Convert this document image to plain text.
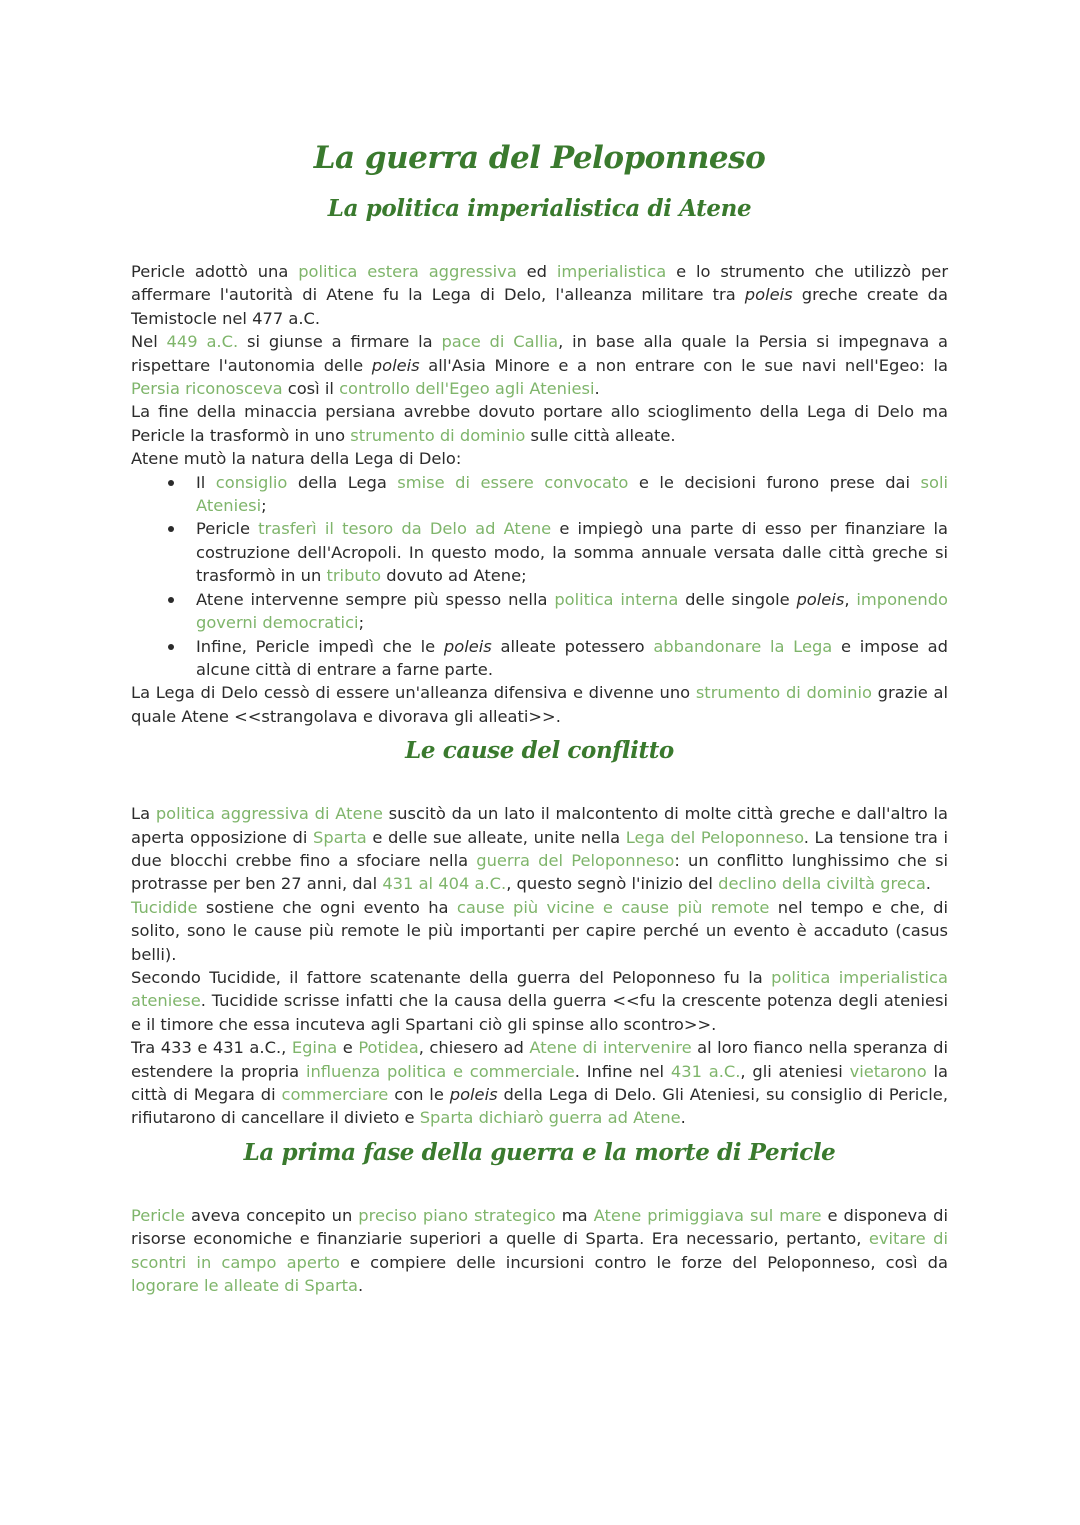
La guerra del Peloponneso
La politica imperialistica di Atene

Pericle adottò una politica estera aggressiva ed imperialistica e lo strumento che utilizzò per affermare l'autorità di Atene fu la Lega di Delo, l'alleanza militare tra poleis greche create da Temistocle nel 477 a.C.

Nel 449 a.C. si giunse a firmare la pace di Callia, in base alla quale la Persia si impegnava a rispettare l'autonomia delle poleis all'Asia Minore e a non entrare con le sue navi nell'Egeo: la Persia riconosceva così il controllo dell'Egeo agli Ateniesi.

La fine della minaccia persiana avrebbe dovuto portare allo scioglimento della Lega di Delo ma Pericle la trasformò in uno strumento di dominio sulle città alleate.

Atene mutò la natura della Lega di Delo:

Il consiglio della Lega smise di essere convocato e le decisioni furono prese dai soli Ateniesi;
Pericle trasferì il tesoro da Delo ad Atene e impiegò una parte di esso per finanziare la costruzione dell'Acropoli. In questo modo, la somma annuale versata dalle città greche si trasformò in un tributo dovuto ad Atene;
Atene intervenne sempre più spesso nella politica interna delle singole poleis, imponendo governi democratici;
Infine, Pericle impedì che le poleis alleate potessero abbandonare la Lega e impose ad alcune città di entrare a farne parte.

La Lega di Delo cessò di essere un'alleanza difensiva e divenne uno strumento di dominio grazie al quale Atene <<strangolava e divorava gli alleati>>.

Le cause del conflitto

La politica aggressiva di Atene suscitò da un lato il malcontento di molte città greche e dall'altro la aperta opposizione di Sparta e delle sue alleate, unite nella Lega del Peloponneso. La tensione tra i due blocchi crebbe fino a sfociare nella guerra del Peloponneso: un conflitto lunghissimo che si protrasse per ben 27 anni, dal 431 al 404 a.C., questo segnò l'inizio del declino della civiltà greca.

Tucidide sostiene che ogni evento ha cause più vicine e cause più remote nel tempo e che, di solito, sono le cause più remote le più importanti per capire perché un evento è accaduto (casus belli).

Secondo Tucidide, il fattore scatenante della guerra del Peloponneso fu la politica imperialistica ateniese. Tucidide scrisse infatti che la causa della guerra <<fu la crescente potenza degli ateniesi e il timore che essa incuteva agli Spartani ciò gli spinse allo scontro>>.

Tra 433 e 431 a.C., Egina e Potidea, chiesero ad Atene di intervenire al loro fianco nella speranza di estendere la propria influenza politica e commerciale. Infine nel 431 a.C., gli ateniesi vietarono la città di Megara di commerciare con le poleis della Lega di Delo. Gli Ateniesi, su consiglio di Pericle, rifiutarono di cancellare il divieto e Sparta dichiarò guerra ad Atene.

La prima fase della guerra e la morte di Pericle

Pericle aveva concepito un preciso piano strategico ma Atene primiggiava sul mare e disponeva di risorse economiche e finanziarie superiori a quelle di Sparta. Era necessario, pertanto, evitare di scontri in campo aperto e compiere delle incursioni contro le forze del Peloponneso, così da logorare le alleate di Sparta.
